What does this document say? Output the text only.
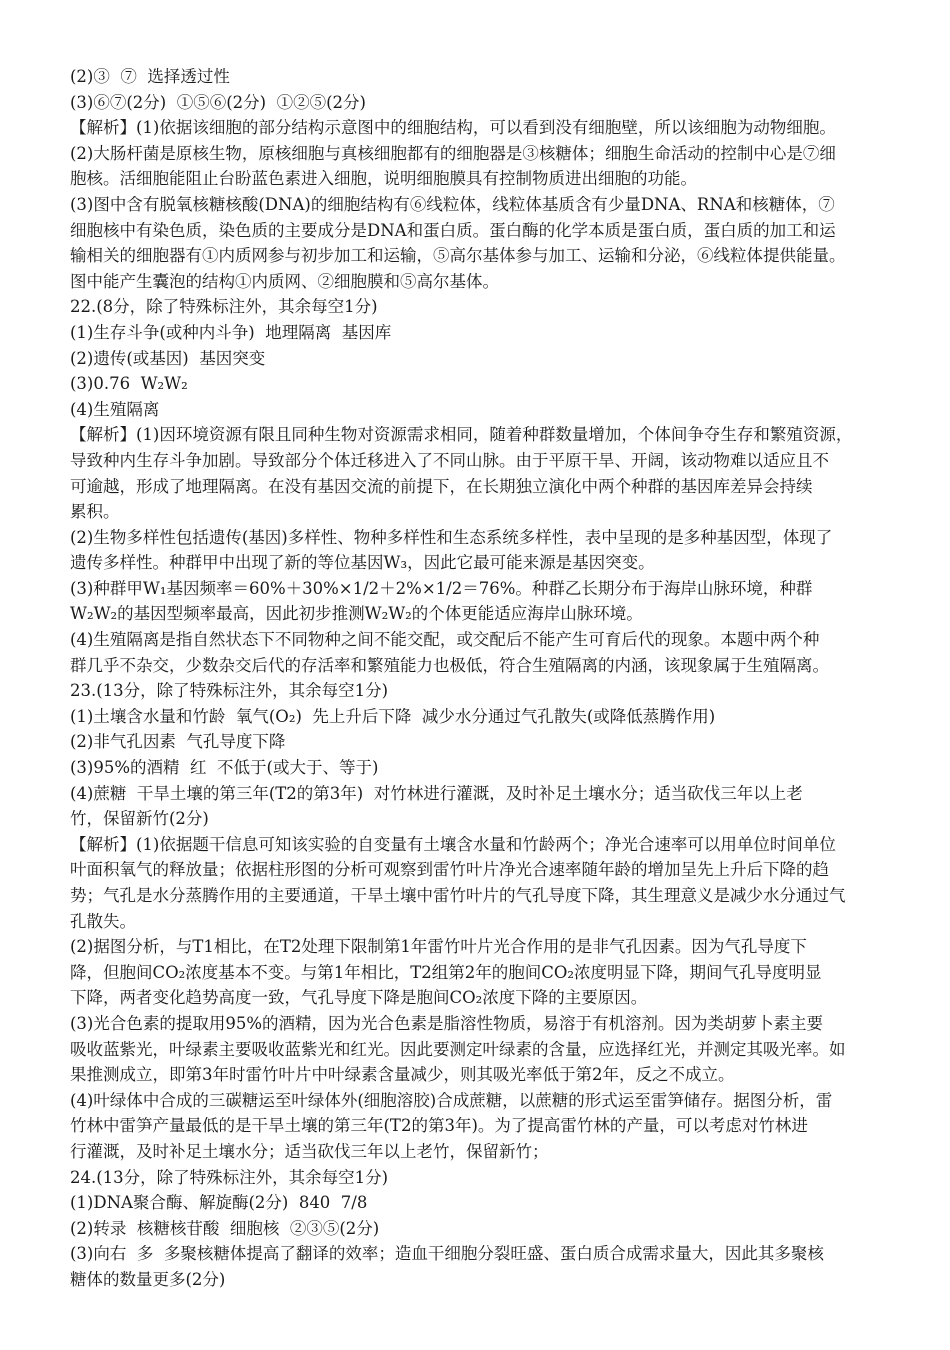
(2)③  ⑦  选择透过性
(3)⑥⑦(2分)  ①⑤⑥(2分)  ①②⑤(2分)
【解析】(1)依据该细胞的部分结构示意图中的细胞结构，可以看到没有细胞壁，所以该细胞为动物细胞。
(2)大肠杆菌是原核生物，原核细胞与真核细胞都有的细胞器是③核糖体；细胞生命活动的控制中心是⑦细
胞核。活细胞能阻止台盼蓝色素进入细胞，说明细胞膜具有控制物质进出细胞的功能。
(3)图中含有脱氧核糖核酸(DNA)的细胞结构有⑥线粒体，线粒体基质含有少量DNA、RNA和核糖体，⑦
细胞核中有染色质，染色质的主要成分是DNA和蛋白质。蛋白酶的化学本质是蛋白质，蛋白质的加工和运
输相关的细胞器有①内质网参与初步加工和运输，⑤高尔基体参与加工、运输和分泌，⑥线粒体提供能量。
图中能产生囊泡的结构①内质网、②细胞膜和⑤高尔基体。
22.(8分，除了特殊标注外，其余每空1分)
(1)生存斗争(或种内斗争)  地理隔离  基因库
(2)遗传(或基因)  基因突变
(3)0.76  W₂W₂
(4)生殖隔离
【解析】(1)因环境资源有限且同种生物对资源需求相同，随着种群数量增加，个体间争夺生存和繁殖资源，
导致种内生存斗争加剧。导致部分个体迁移进入了不同山脉。由于平原干旱、开阔，该动物难以适应且不
可逾越，形成了地理隔离。在没有基因交流的前提下，在长期独立演化中两个种群的基因库差异会持续
累积。
(2)生物多样性包括遗传(基因)多样性、物种多样性和生态系统多样性，表中呈现的是多种基因型，体现了
遗传多样性。种群甲中出现了新的等位基因W₃，因此它最可能来源是基因突变。
(3)种群甲W₁基因频率＝60%＋30%×1/2＋2%×1/2＝76%。种群乙长期分布于海岸山脉环境，种群
W₂W₂的基因型频率最高，因此初步推测W₂W₂的个体更能适应海岸山脉环境。
(4)生殖隔离是指自然状态下不同物种之间不能交配，或交配后不能产生可育后代的现象。本题中两个种
群几乎不杂交，少数杂交后代的存活率和繁殖能力也极低，符合生殖隔离的内涵，该现象属于生殖隔离。
23.(13分，除了特殊标注外，其余每空1分)
(1)土壤含水量和竹龄  氧气(O₂)  先上升后下降  减少水分通过气孔散失(或降低蒸腾作用)
(2)非气孔因素  气孔导度下降
(3)95%的酒精  红  不低于(或大于、等于)
(4)蔗糖  干旱土壤的第三年(T2的第3年)  对竹林进行灌溉，及时补足土壤水分；适当砍伐三年以上老
竹，保留新竹(2分)
【解析】(1)依据题干信息可知该实验的自变量有土壤含水量和竹龄两个；净光合速率可以用单位时间单位
叶面积氧气的释放量；依据柱形图的分析可观察到雷竹叶片净光合速率随年龄的增加呈先上升后下降的趋
势；气孔是水分蒸腾作用的主要通道，干旱土壤中雷竹叶片的气孔导度下降，其生理意义是减少水分通过气
孔散失。
(2)据图分析，与T1相比，在T2处理下限制第1年雷竹叶片光合作用的是非气孔因素。因为气孔导度下
降，但胞间CO₂浓度基本不变。与第1年相比，T2组第2年的胞间CO₂浓度明显下降，期间气孔导度明显
下降，两者变化趋势高度一致，气孔导度下降是胞间CO₂浓度下降的主要原因。
(3)光合色素的提取用95%的酒精，因为光合色素是脂溶性物质，易溶于有机溶剂。因为类胡萝卜素主要
吸收蓝紫光，叶绿素主要吸收蓝紫光和红光。因此要测定叶绿素的含量，应选择红光，并测定其吸光率。如
果推测成立，即第3年时雷竹叶片中叶绿素含量减少，则其吸光率低于第2年，反之不成立。
(4)叶绿体中合成的三碳糖运至叶绿体外(细胞溶胶)合成蔗糖，以蔗糖的形式运至雷笋储存。据图分析，雷
竹林中雷笋产量最低的是干旱土壤的第三年(T2的第3年)。为了提高雷竹林的产量，可以考虑对竹林进
行灌溉，及时补足土壤水分；适当砍伐三年以上老竹，保留新竹；
24.(13分，除了特殊标注外，其余每空1分)
(1)DNA聚合酶、解旋酶(2分)  840  7/8
(2)转录  核糖核苷酸  细胞核  ②③⑤(2分)
(3)向右  多  多聚核糖体提高了翻译的效率；造血干细胞分裂旺盛、蛋白质合成需求量大，因此其多聚核
糖体的数量更多(2分)
